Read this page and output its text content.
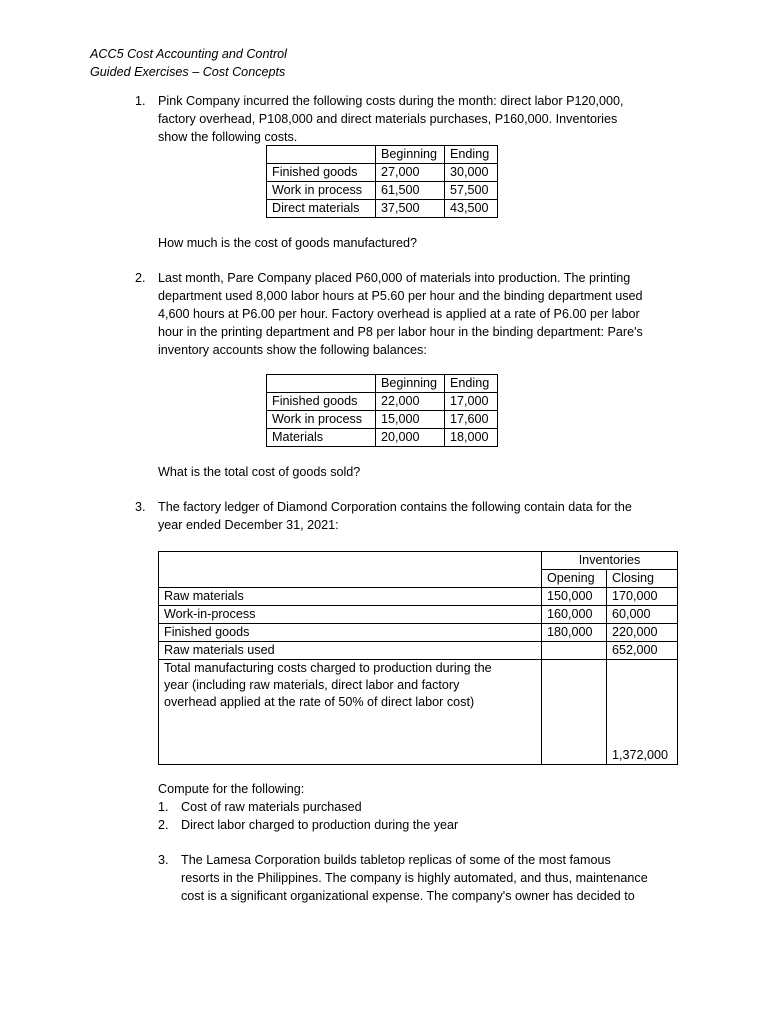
ACC5 Cost Accounting and Control
Guided Exercises – Cost Concepts
1. Pink Company incurred the following costs during the month: direct labor P120,000,
factory overhead, P108,000 and direct materials purchases, P160,000. Inventories
show the following costs.
	Beginning	Ending
Finished goods	27,000	30,000
Work in process	61,500	57,500
Direct materials	37,500	43,500
How much is the cost of goods manufactured?
2. Last month, Pare Company placed P60,000 of materials into production. The printing
department used 8,000 labor hours at P5.60 per hour and the binding department used
4,600 hours at P6.00 per hour. Factory overhead is applied at a rate of P6.00 per labor
hour in the printing department and P8 per labor hour in the binding department: Pare's
inventory accounts show the following balances:
	Beginning	Ending
Finished goods	22,000	17,000
Work in process	15,000	17,600
Materials	20,000	18,000
What is the total cost of goods sold?
3. The factory ledger of Diamond Corporation contains the following contain data for the
year ended December 31, 2021:
	Inventories	
	Opening	Closing
Raw materials	150,000	170,000
Work-in-process	160,000	60,000
Finished goods	180,000	220,000
Raw materials used		652,000

Total manufacturing costs charged to production during the
year (including raw materials, direct labor and factory
overhead applied at the rate of 50% of direct labor cost)		1,372,000
Compute for the following:
1. Cost of raw materials purchased
2. Direct labor charged to production during the year
3. The Lamesa Corporation builds tabletop replicas of some of the most famous
resorts in the Philippines. The company is highly automated, and thus, maintenance
cost is a significant organizational expense. The company's owner has decided to
